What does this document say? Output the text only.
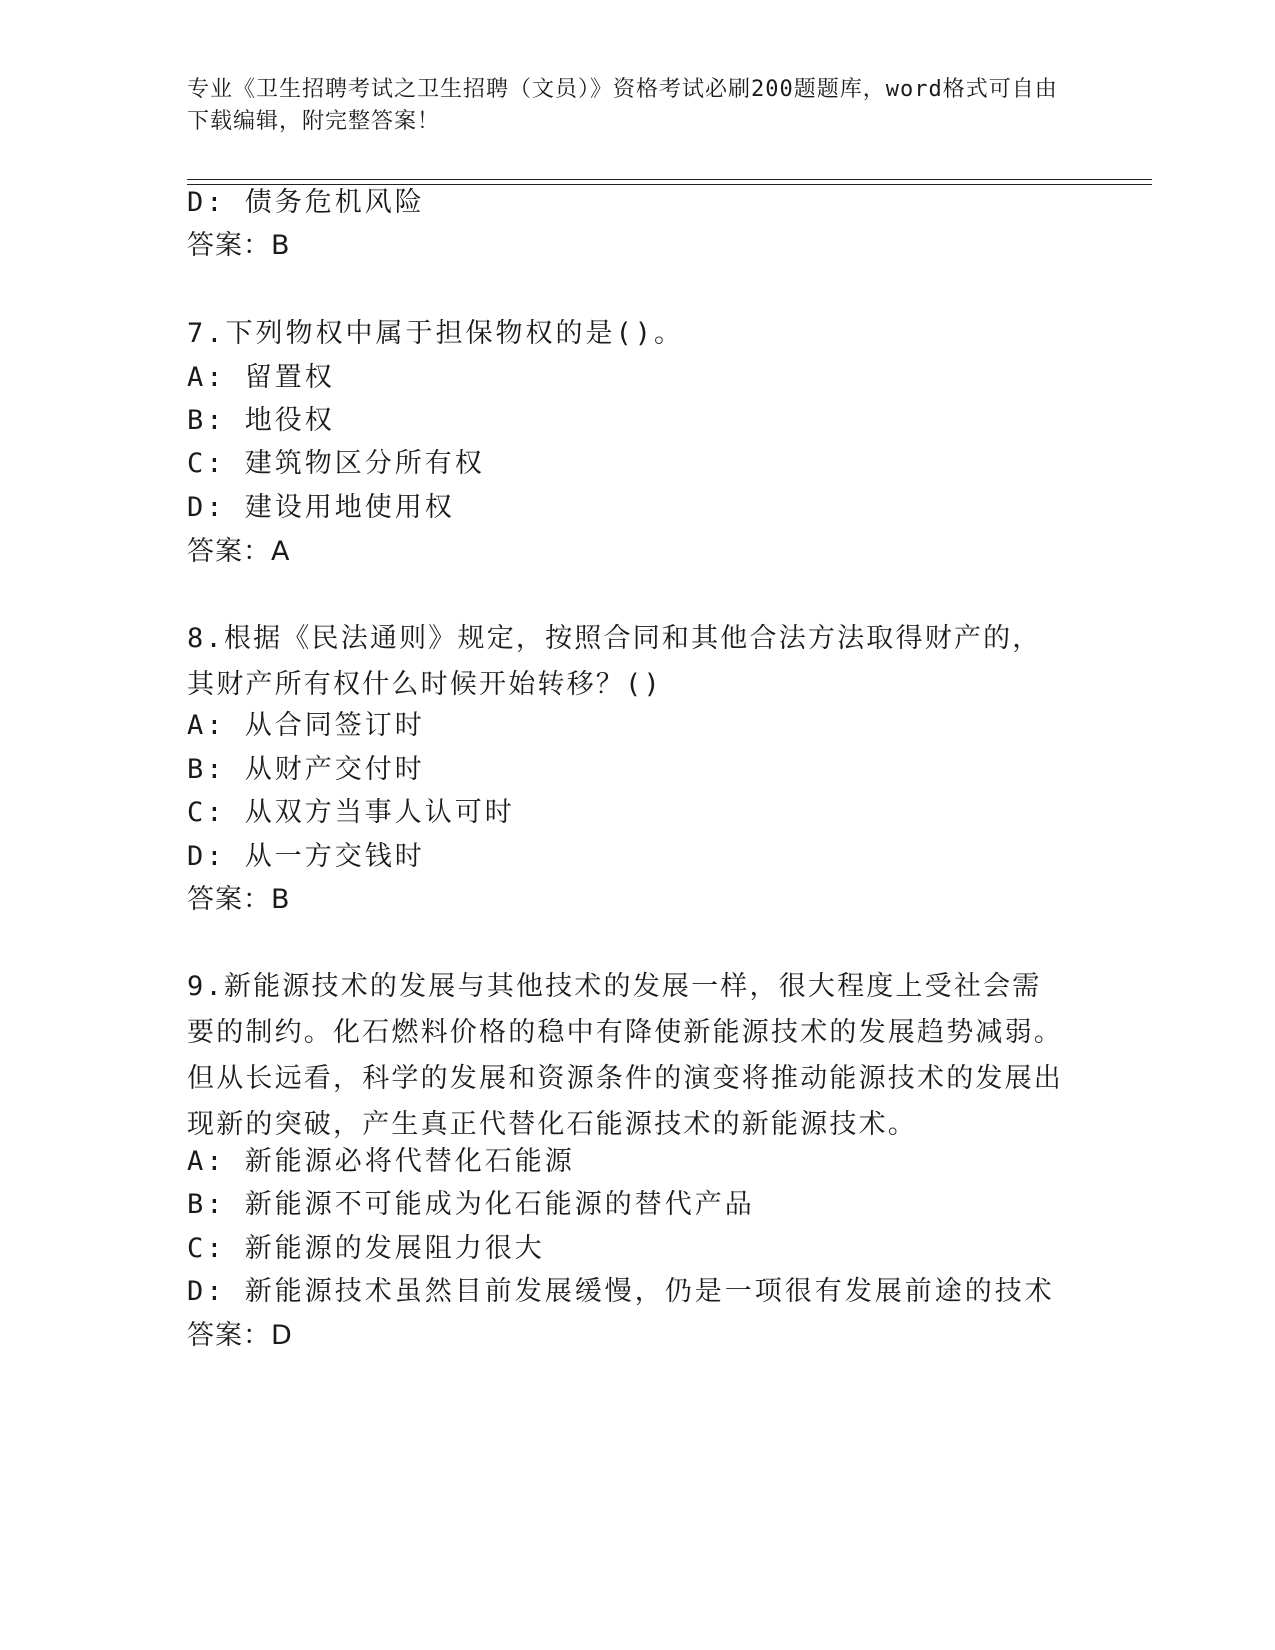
专业《卫生招聘考试之卫生招聘（文员）》资格考试必刷200题题库，word格式可自由下载编辑，附完整答案！
D: 债务危机风险
答案：B
7.下列物权中属于担保物权的是()。
A: 留置权
B: 地役权
C: 建筑物区分所有权
D: 建设用地使用权
答案：A
8.根据《民法通则》规定，按照合同和其他合法方法取得财产的，其财产所有权什么时候开始转移？()
A: 从合同签订时
B: 从财产交付时
C: 从双方当事人认可时
D: 从一方交钱时
答案：B
9.新能源技术的发展与其他技术的发展一样，很大程度上受社会需要的制约。化石燃料价格的稳中有降使新能源技术的发展趋势减弱。但从长远看，科学的发展和资源条件的演变将推动能源技术的发展出现新的突破，产生真正代替化石能源技术的新能源技术。
A: 新能源必将代替化石能源
B: 新能源不可能成为化石能源的替代产品
C: 新能源的发展阻力很大
D: 新能源技术虽然目前发展缓慢，仍是一项很有发展前途的技术
答案：D
